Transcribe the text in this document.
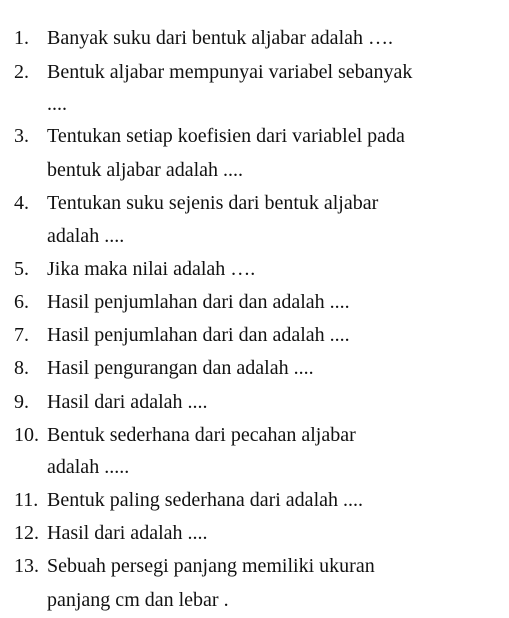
1. Banyak suku dari bentuk aljabar adalah ….
2. Bentuk aljabar mempunyai variabel sebanyak
....
3. Tentukan setiap koefisien dari variablel pada
bentuk aljabar adalah ....
4. Tentukan suku sejenis dari bentuk aljabar
adalah ....
5. Jika maka nilai adalah ….
6. Hasil penjumlahan dari dan adalah ....
7. Hasil penjumlahan dari dan adalah ....
8. Hasil pengurangan dan adalah ....
9. Hasil dari adalah ....
10. Bentuk sederhana dari pecahan aljabar
adalah .....
11. Bentuk paling sederhana dari adalah ....
12. Hasil dari adalah ....
13. Sebuah persegi panjang memiliki ukuran
panjang cm dan lebar .
